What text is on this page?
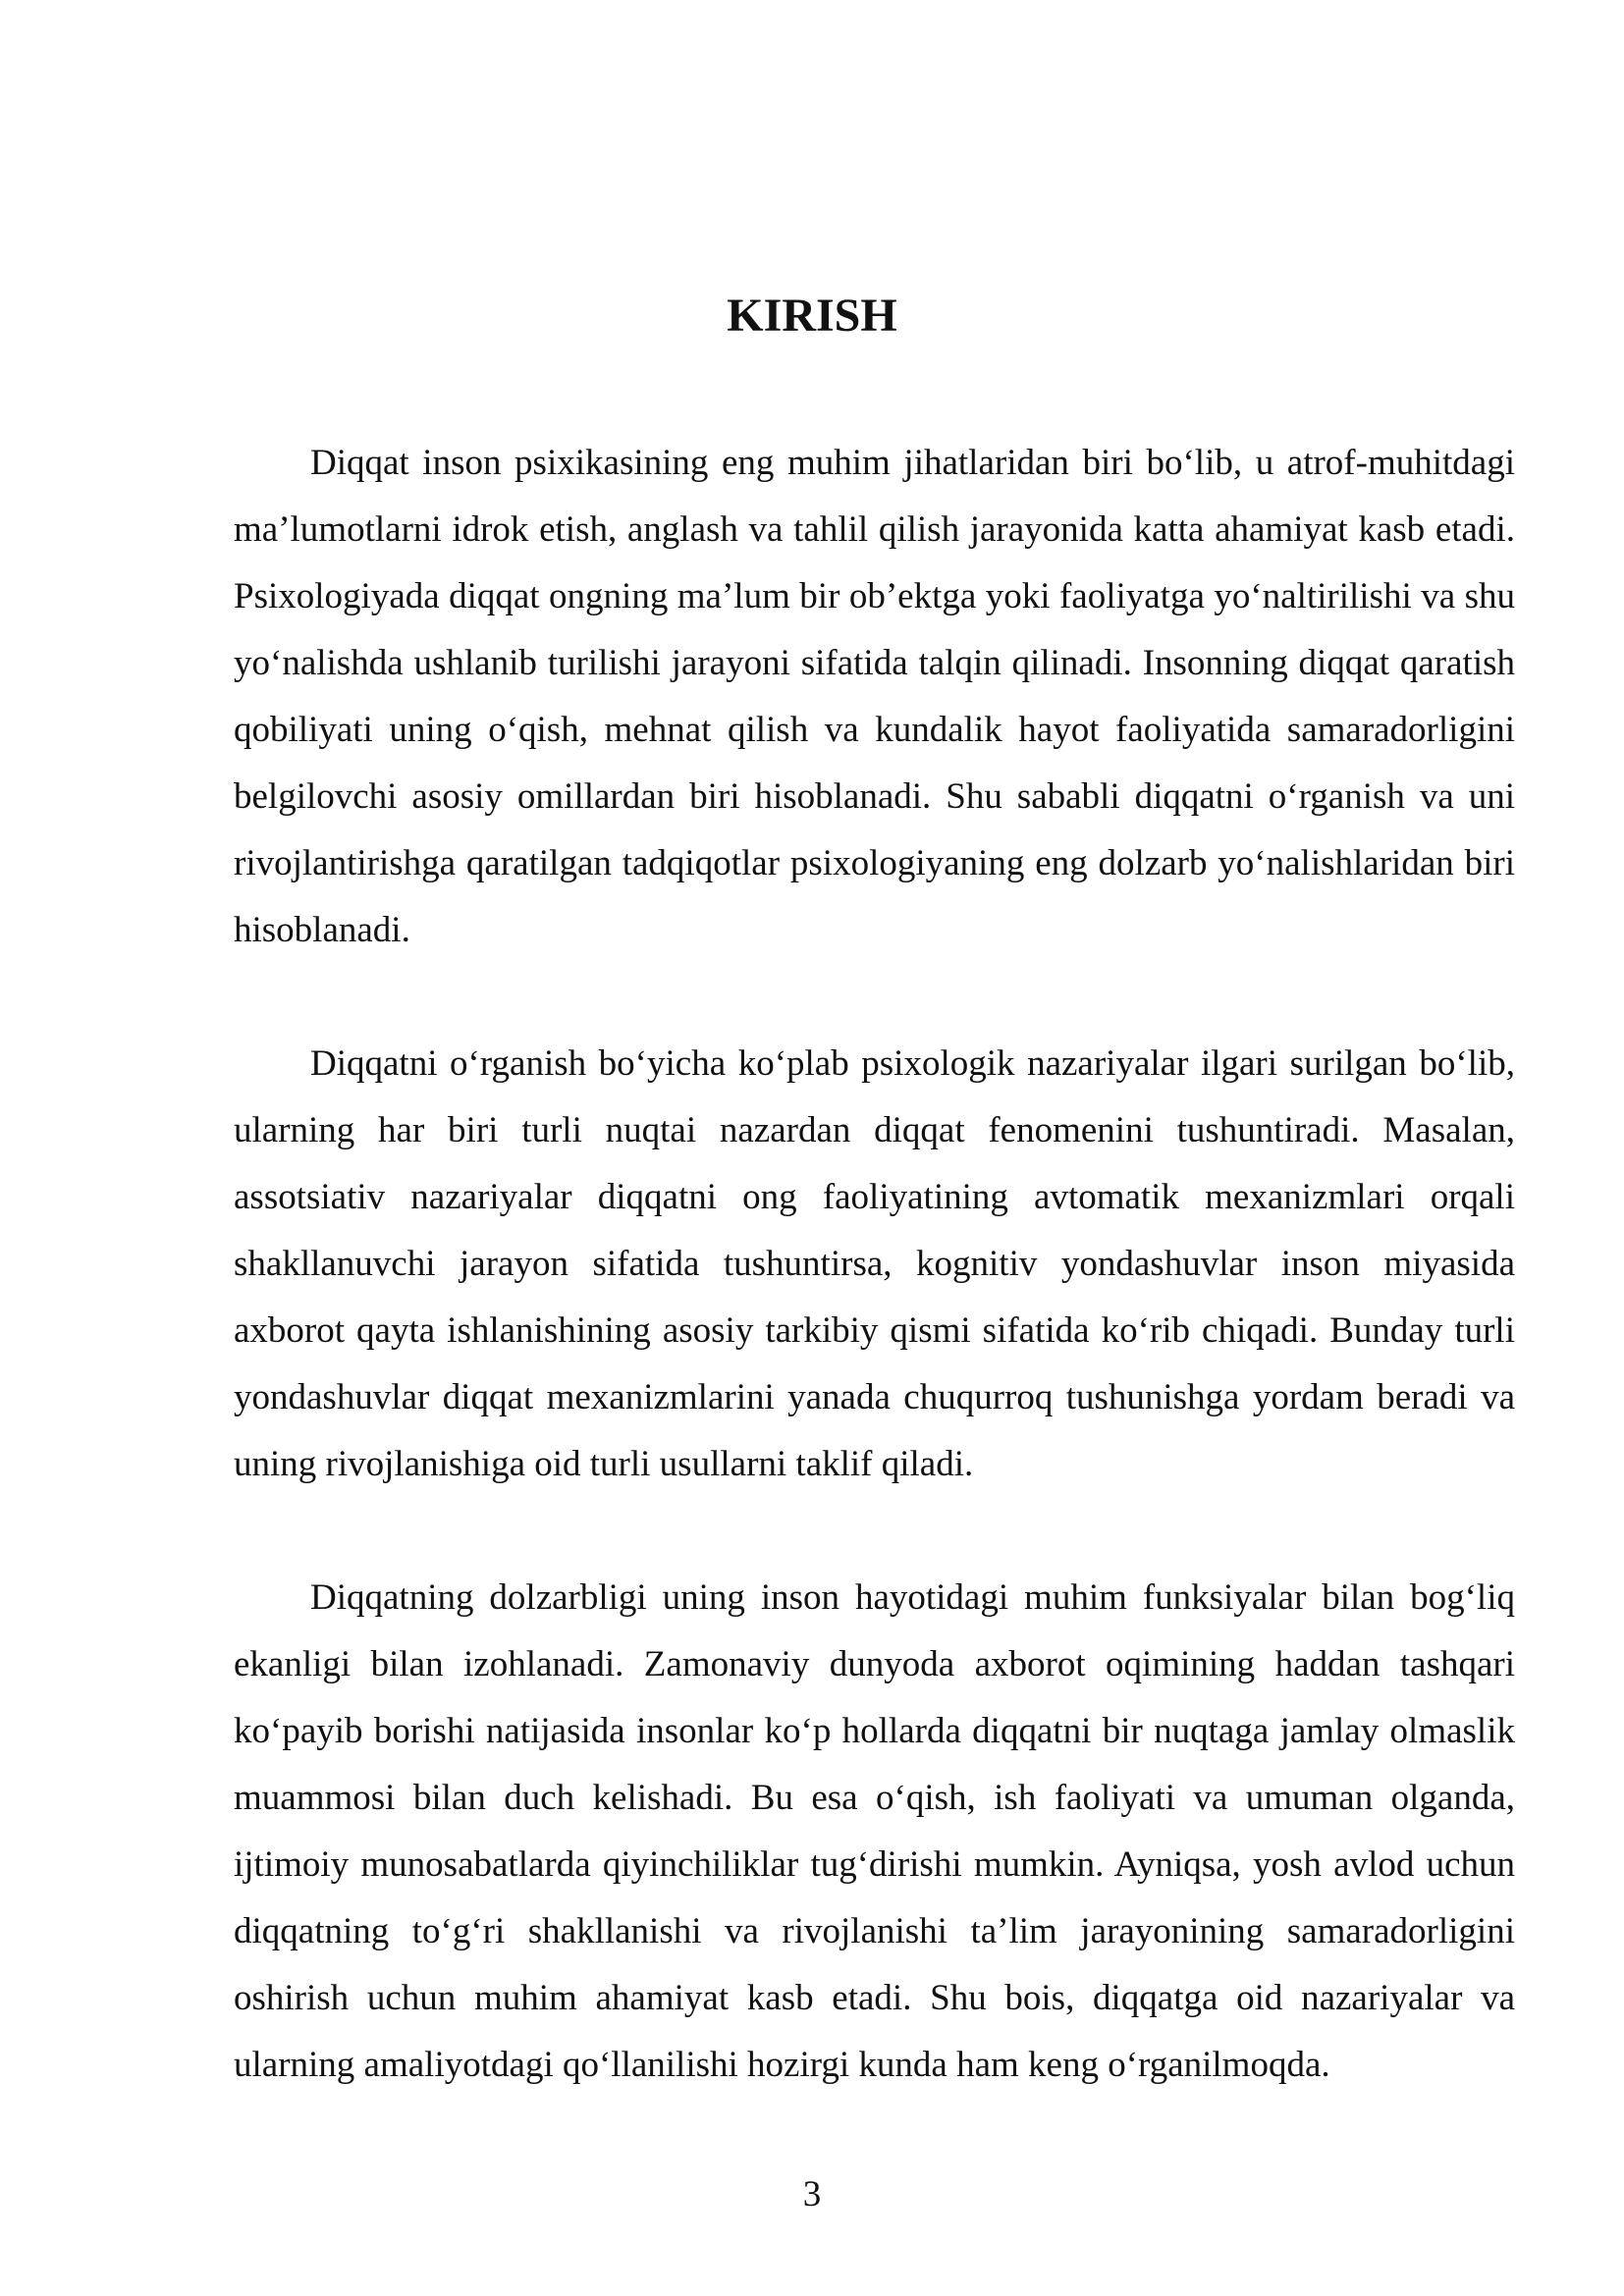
KIRISH

Diqqat inson psixikasining eng muhim jihatlaridan biri bo‘lib, u atrof-muhitdagi ma’lumotlarni idrok etish, anglash va tahlil qilish jarayonida katta ahamiyat kasb etadi. Psixologiyada diqqat ongning ma’lum bir ob’ektga yoki faoliyatga yo‘naltirilishi va shu yo‘nalishda ushlanib turilishi jarayoni sifatida talqin qilinadi. Insonning diqqat qaratish qobiliyati uning o‘qish, mehnat qilish va kundalik hayot faoliyatida samaradorligini belgilovchi asosiy omillardan biri hisoblanadi. Shu sababli diqqatni o‘rganish va uni rivojlantirishga qaratilgan tadqiqotlar psixologiyaning eng dolzarb yo‘nalishlaridan biri hisoblanadi.

Diqqatni o‘rganish bo‘yicha ko‘plab psixologik nazariyalar ilgari surilgan bo‘lib, ularning har biri turli nuqtai nazardan diqqat fenomenini tushuntiradi. Masalan, assotsiativ nazariyalar diqqatni ong faoliyatining avtomatik mexanizmlari orqali shakllanuvchi jarayon sifatida tushuntirsa, kognitiv yondashuvlar inson miyasida axborot qayta ishlanishining asosiy tarkibiy qismi sifatida ko‘rib chiqadi. Bunday turli yondashuvlar diqqat mexanizmlarini yanada chuqurroq tushunishga yordam beradi va uning rivojlanishiga oid turli usullarni taklif qiladi.

Diqqatning dolzarbligi uning inson hayotidagi muhim funksiyalar bilan bog‘liq ekanligi bilan izohlanadi. Zamonaviy dunyoda axborot oqimining haddan tashqari ko‘payib borishi natijasida insonlar ko‘p hollarda diqqatni bir nuqtaga jamlay olmaslik muammosi bilan duch kelishadi. Bu esa o‘qish, ish faoliyati va umuman olganda, ijtimoiy munosabatlarda qiyinchiliklar tug‘dirishi mumkin. Ayniqsa, yosh avlod uchun diqqatning to‘g‘ri shakllanishi va rivojlanishi ta’lim jarayonining samaradorligini oshirish uchun muhim ahamiyat kasb etadi. Shu bois, diqqatga oid nazariyalar va ularning amaliyotdagi qo‘llanilishi hozirgi kunda ham keng o‘rganilmoqda.

3
